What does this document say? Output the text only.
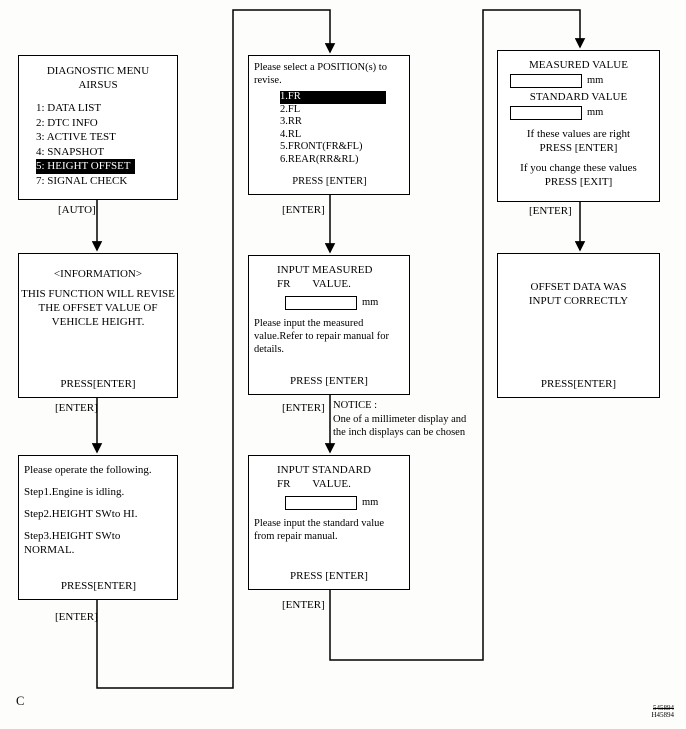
DIAGNOSTIC MENU
AIRSUS
1: DATA LIST
2: DTC INFO
3: ACTIVE TEST
4: SNAPSHOT
5: HEIGHT OFFSET
7: SIGNAL CHECK
<INFORMATION>
THIS FUNCTION WILL REVISE
THE OFFSET VALUE OF
VEHICLE HEIGHT.
PRESS[ENTER]
Please operate the following.
Step1.Engine is idling.
Step2.HEIGHT SWto HI.
Step3.HEIGHT SWto NORMAL.
PRESS[ENTER]
Please select a POSITION(s) to
revise.
1.FR
2.FL
3.RR
4.RL
5.FRONT(FR&FL)
6.REAR(RR&RL)
PRESS [ENTER]
INPUT MEASURED
FR        VALUE.
mm
Please input the measured
value.Refer to repair manual for
details.
PRESS [ENTER]
INPUT STANDARD
FR        VALUE.
mm
Please input the standard value
from repair manual.
PRESS [ENTER]
MEASURED VALUE
mm
STANDARD VALUE
mm
If these values are right
PRESS [ENTER]
If you change these values
PRESS [EXIT]
OFFSET DATA WAS
INPUT CORRECTLY
PRESS[ENTER]
[AUTO]
[ENTER]
[ENTER]
[ENTER]
[ENTER]
[ENTER]
[ENTER]
NOTICE :
One of a millimeter display and
the inch displays can be chosen
C	545894
H45894
